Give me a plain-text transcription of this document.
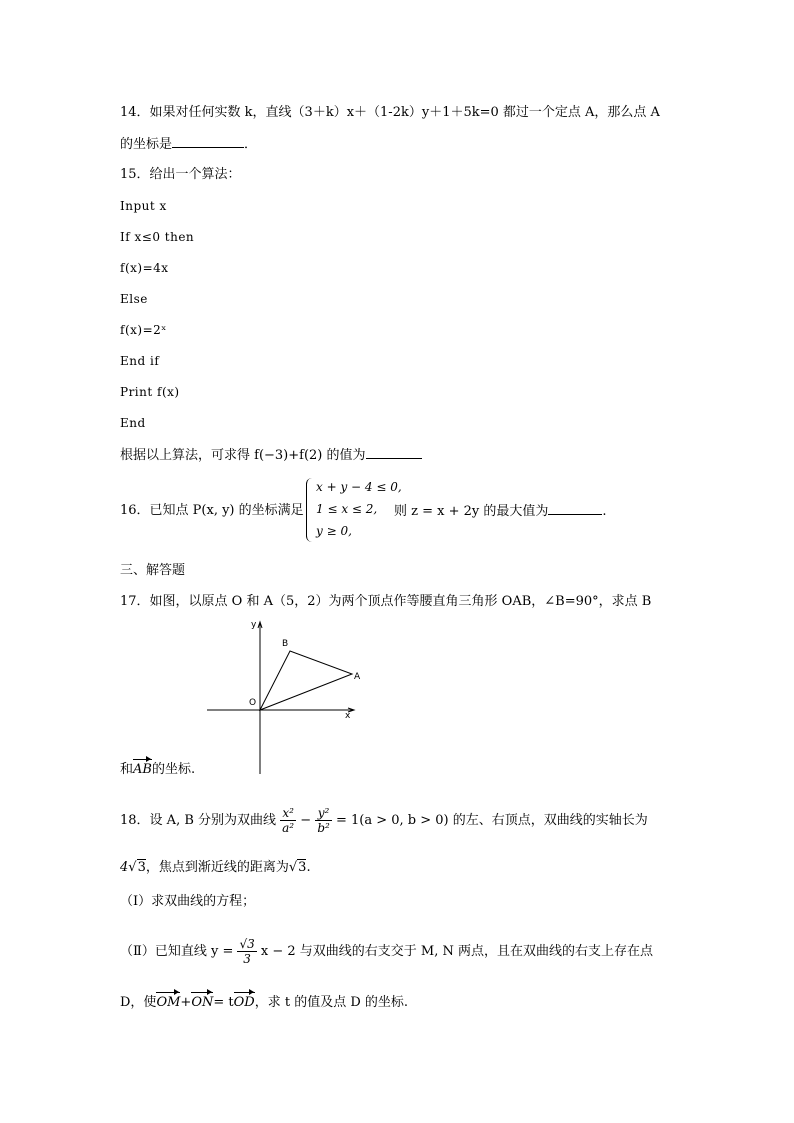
14．如果对任何实数 k，直线（3＋k）x＋（1-2k）y＋1＋5k=0 都过一个定点 A，那么点 A
的坐标是	．
15．给出一个算法：
Input x
If x≤0 then
f(x)=4x
Else
f(x)=2ˣ
End if
Print f(x)
End
根据以上算法，可求得 f(−3)+f(2) 的值为
16．已知点 P(x, y) 的坐标满足
x + y − 4 ≤ 0,
1 ≤ x ≤ 2,
y ≥ 0,
则 z = x + 2y 的最大值为	.
三、解答题
17．如图，以原点 O 和 A（5，2）为两个顶点作等腰直角三角形 OAB，∠B=90°，求点 B
y
x
O
A
B
和AB的坐标.
18．设 A, B 分别为双曲线 $\frac{\text{x²}}{\text{a²}} - \frac{\text{y²}}{\text{b²}} = 1(a > 0$, b > 0) 的左、右顶点，双曲线的实轴长为
4√3，焦点到渐近线的距离为√3.
（Ⅰ）求双曲线的方程；
（Ⅱ）已知直线 $y = \frac{√3}{3}$ x − 2 与双曲线的右支交于 M, N 两点，且在双曲线的右支上存在点
D，使OM+ON= tOD，求 t 的值及点 D 的坐标.
